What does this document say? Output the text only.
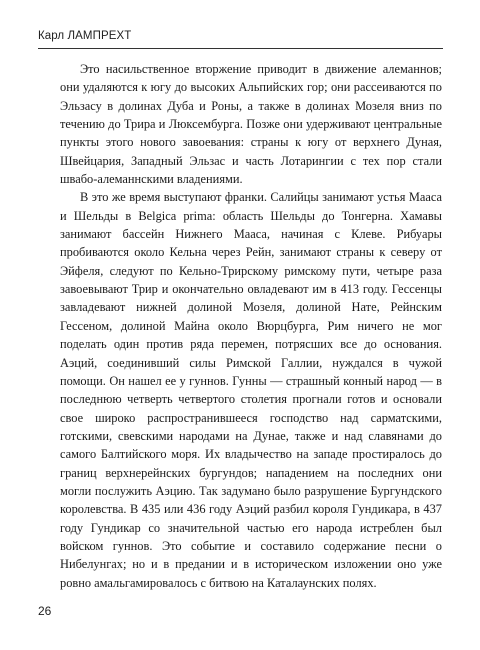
Карл ЛАМПРЕХТ

Это насильственное вторжение приводит в движение алеманнов; они удаляются к югу до высоких Альпийских гор; они рассеиваются по Эльзасу в долинах Дуба и Роны, а также в долинах Мозеля вниз по течению до Трира и Люксембурга. Позже они удерживают центральные пункты этого нового завоевания: страны к югу от верхнего Дуная, Швейцария, Западный Эльзас и часть Лотарингии с тех пор стали швабо-алеманнскими владениями.

В это же время выступают франки. Салийцы занимают устья Мааса и Шельды в Belgica prima: область Шельды до Тонгерна. Хамавы занимают бассейн Нижнего Мааса, начиная с Клеве. Рибуары пробиваются около Кельна через Рейн, занимают страны к северу от Эйфеля, следуют по Кельно-Трирскому римскому пути, четыре раза завоевывают Трир и окончательно овладевают им в 413 году. Гессенцы завладевают нижней долиной Мозеля, долиной Нате, Рейнским Гессеном, долиной Майна около Вюрцбурга, Рим ничего не мог поделать один против ряда перемен, потрясших все до основания. Аэций, соединивший силы Римской Галлии, нуждался в чужой помощи. Он нашел ее у гуннов. Гунны — страшный конный народ — в последнюю четверть четвертого столетия прогнали готов и основали свое широко распространившееся господство над сарматскими, готскими, свевскими народами на Дунае, также и над славянами до самого Балтийского моря. Их владычество на западе простиралось до границ верхнерейнских бургундов; нападением на последних они могли послужить Аэцию. Так задумано было разрушение Бургундского королевства. В 435 или 436 году Аэций разбил короля Гундикара, в 437 году Гундикар со значительной частью его народа истреблен был войском гуннов. Это событие и составило содержание песни о Нибелунгах; но и в предании и в историческом изложении оно уже ровно амальгамировалось с битвою на Каталаунских полях.

26
